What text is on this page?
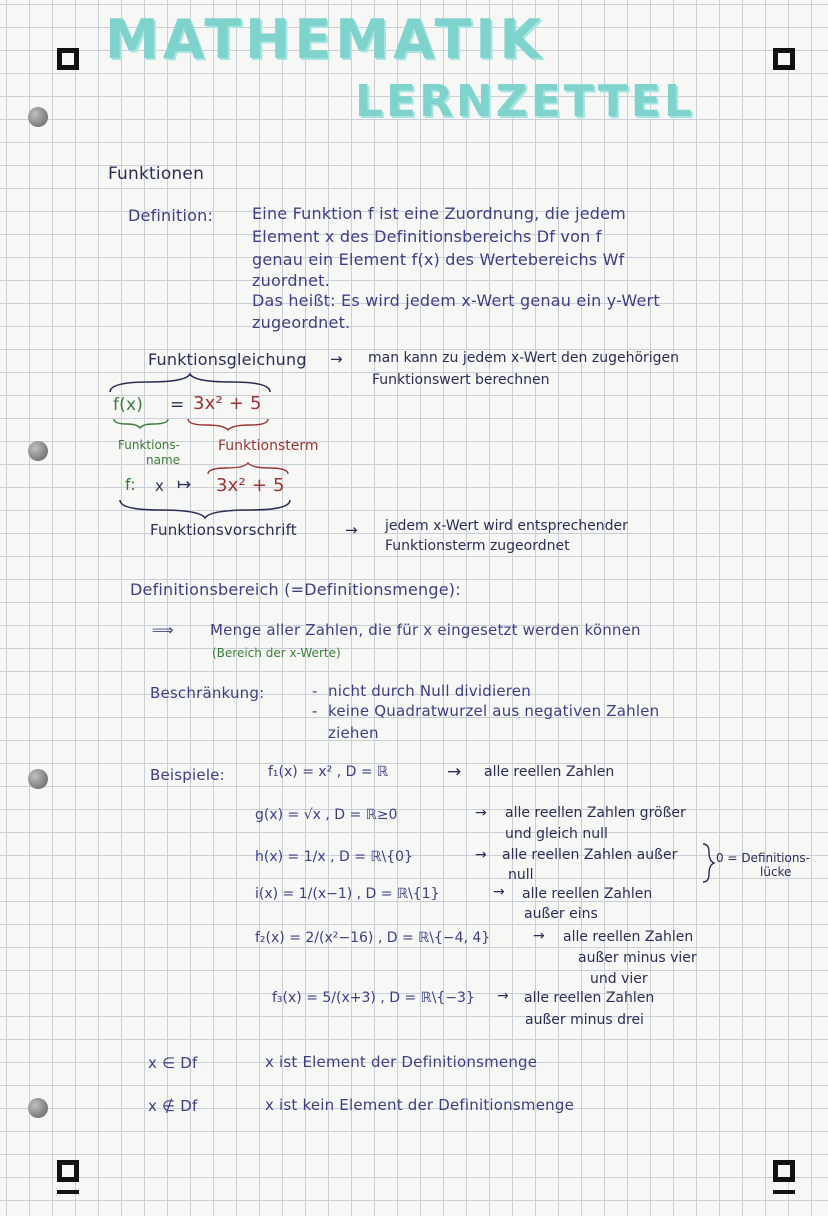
MATHEMATIK
LERNZETTEL
Funktionen
Definition: Eine Funktion f ist eine Zuordnung, die jedem
Element x des Definitionsbereichs Df von f
genau ein Element f(x) des Wertebereichs Wf
zuordnet.
Das heißt: Es wird jedem x-Wert genau ein y-Wert
zugeordnet.
Funktionsgleichung → man kann zu jedem x-Wert den zugehörigen
Funktionswert berechnen
f(x) = 3x² + 5
Funktions-
name
Funktionsterm
f: x ↦ 3x² + 5
Funktionsvorschrift	→ jedem x-Wert wird entsprechender
Funktionsterm zugeordnet
Definitionsbereich (=Definitionsmenge):
⟹ Menge aller Zahlen, die für x eingesetzt werden können
(Bereich der x-Werte)
Beschränkung:	- nicht durch Null dividieren
- keine Quadratwurzel aus negativen Zahlen
ziehen
Beispiele:	f₁(x) = x² , D = ℝ	→ alle reellen Zahlen
g(x) = √x , D = ℝ≥0	→ alle reellen Zahlen größer
und gleich null
h(x) = 1/x , D = ℝ\{0}	→ alle reellen Zahlen außer
null
0 = Definitions-
lücke
i(x) = 1/(x−1) , D = ℝ\{1}	→ alle reellen Zahlen
außer eins
f₂(x) = 2/(x²−16) , D = ℝ\{−4, 4}	→ alle reellen Zahlen
außer minus vier
und vier
f₃(x) = 5/(x+3) , D = ℝ\{−3} → alle reellen Zahlen
außer minus drei
x ∈ Df	x ist Element der Definitionsmenge
x ∉ Df	x ist kein Element der Definitionsmenge
